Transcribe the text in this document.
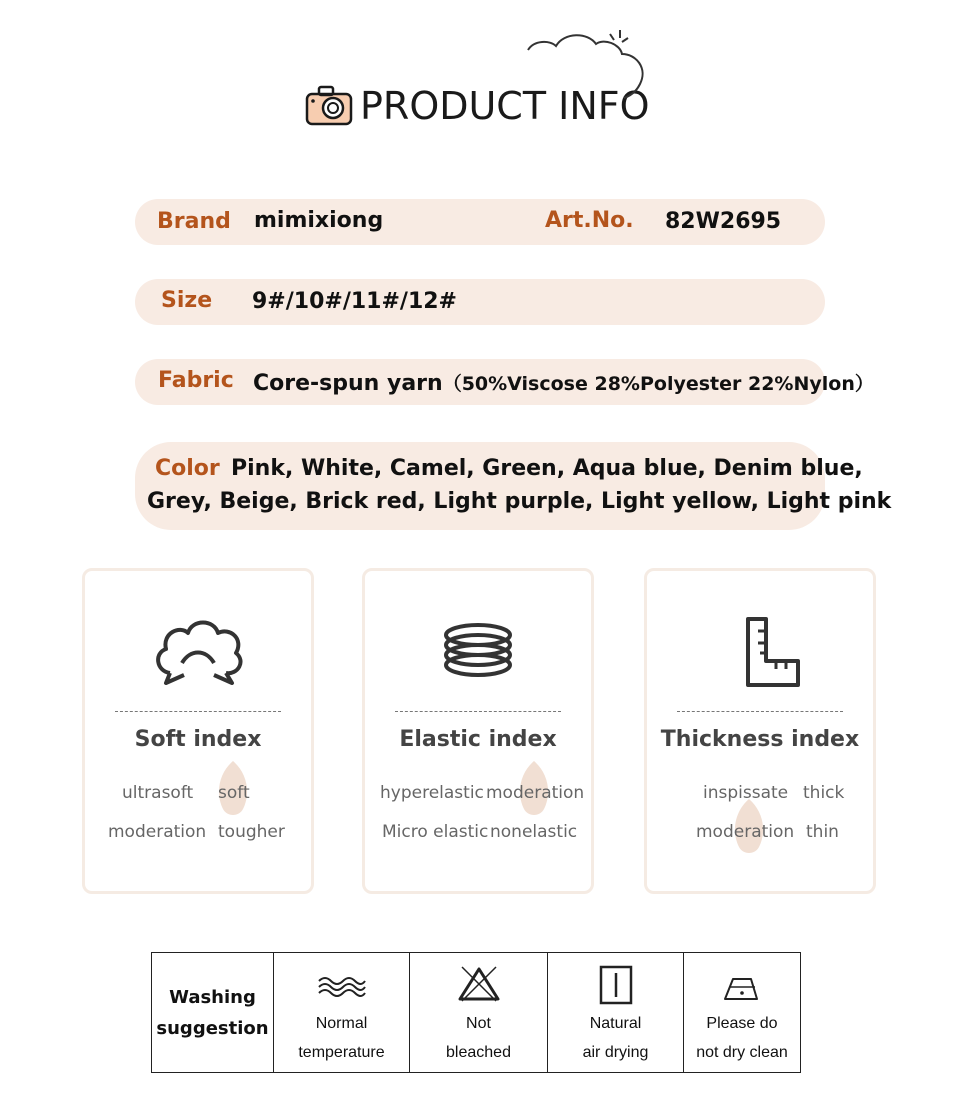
PRODUCT INFO
Brand mimixiong	Art.No. 82W2695
Size 9#/10#/11#/12#
Fabric Core-spun yarn（50%Viscose 28%Polyester 22%Nylon）
Color Pink, White, Camel, Green, Aqua blue, Denim blue,
Grey, Beige, Brick red, Light purple, Light yellow, Light pink
Soft index
ultrasoft soft
moderation tougher
Elastic index
hyperelastic moderation
Micro elastic nonelastic
Thickness index
inspissate thick
moderation thin
Washing
suggestion	Normal
temperature
Not
bleached
Natural
air drying
Please do
not dry clean
